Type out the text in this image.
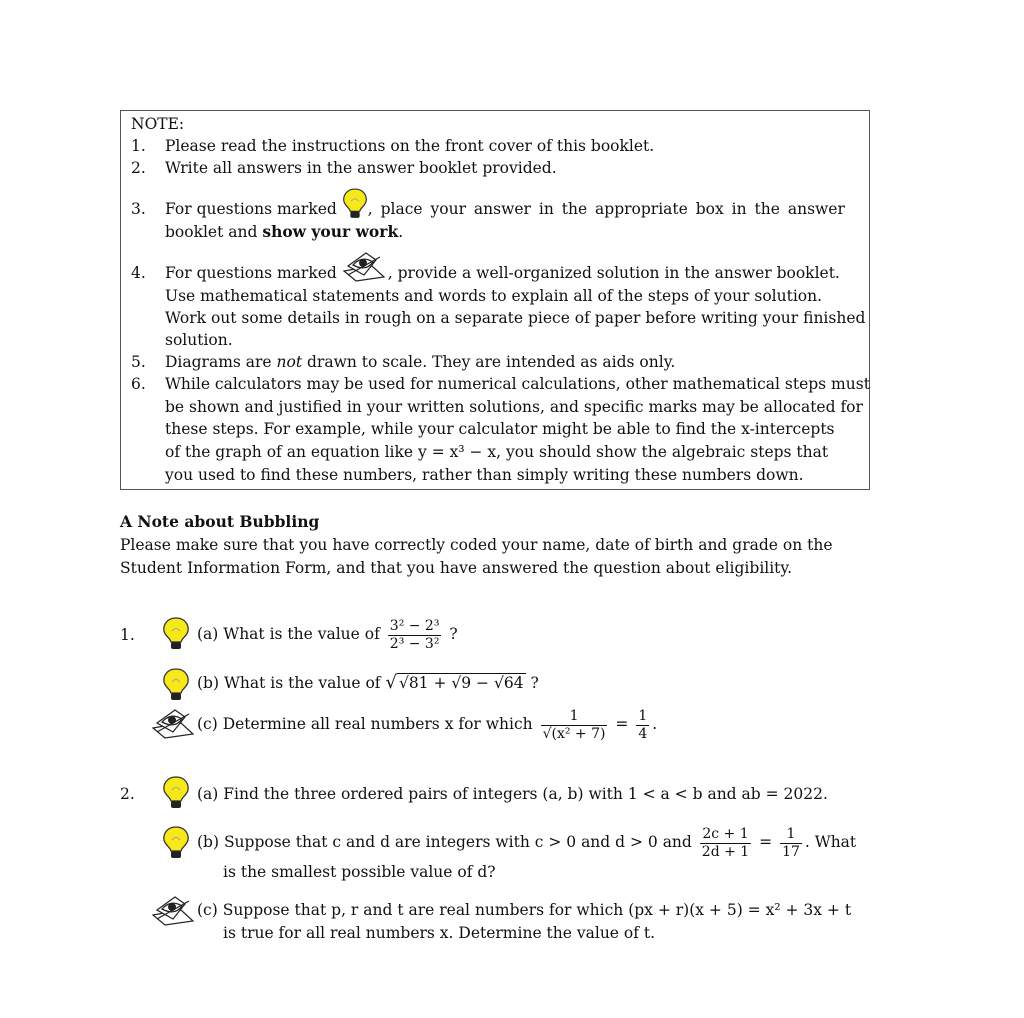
NOTE:
1. Please read the instructions on the front cover of this booklet.
2. Write all answers in the answer booklet provided.
3. For questions marked , place your answer in the appropriate box in the answer
booklet and show your work.
4. For questions marked	, provide a well-organized solution in the answer booklet.
Use mathematical statements and words to explain all of the steps of your solution.
Work out some details in rough on a separate piece of paper before writing your finished
solution.
5. Diagrams are not drawn to scale. They are intended as aids only.
6. While calculators may be used for numerical calculations, other mathematical steps must
be shown and justified in your written solutions, and specific marks may be allocated for
these steps. For example, while your calculator might be able to find the x-intercepts
of the graph of an equation like y = x³ − x, you should show the algebraic steps that
you used to find these numbers, rather than simply writing these numbers down.
A Note about Bubbling
Please make sure that you have correctly coded your name, date of birth and grade on the
Student Information Form, and that you have answered the question about eligibility.
1.	(a) What is the value of $\frac{\text{3² − 2³}}{\text{2³ − 3²}}$ ?
(b) What is the value of √ √81 + √9 − √64 ?
(c) Determine all real numbers x for which $\frac{1}{\text{√(x² + 7)}} = \frac{1}{4}$ .
2.	(a) Find the three ordered pairs of integers (a, b) with 1 < a < b and ab = 2022.
(b) Suppose that c and d are integers with c > 0 and d > 0 and $\frac{2c + 1}{2d + 1} = \frac{1}{17}$ . What
is the smallest possible value of d?
(c) Suppose that p, r and t are real numbers for which (px + r)(x + 5) = x² + 3x + t
is true for all real numbers x. Determine the value of t.
